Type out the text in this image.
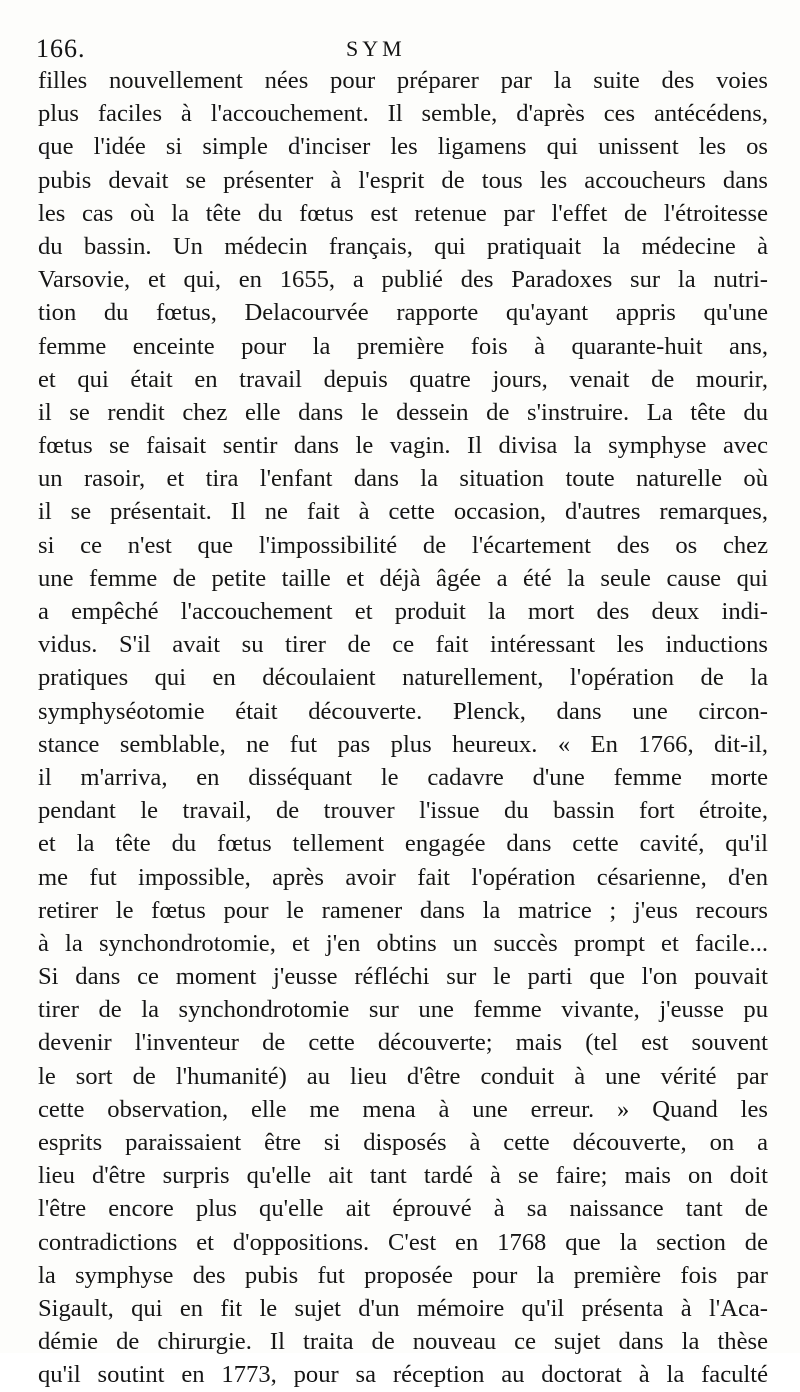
166.	SYM
filles nouvellement nées pour préparer par la suite des voies
plus faciles à l'accouchement. Il semble, d'après ces antécédens,
que l'idée si simple d'inciser les ligamens qui unissent les os
pubis devait se présenter à l'esprit de tous les accoucheurs dans
les cas où la tête du fœtus est retenue par l'effet de l'étroitesse
du bassin. Un médecin français, qui pratiquait la médecine à
Varsovie, et qui, en 1655, a publié des Paradoxes sur la nutri-
tion du fœtus, Delacourvée rapporte qu'ayant appris qu'une
femme enceinte pour la première fois à quarante-huit ans,
et qui était en travail depuis quatre jours, venait de mourir,
il se rendit chez elle dans le dessein de s'instruire. La tête du
fœtus se faisait sentir dans le vagin. Il divisa la symphyse avec
un rasoir, et tira l'enfant dans la situation toute naturelle où
il se présentait. Il ne fait à cette occasion, d'autres remarques,
si ce n'est que l'impossibilité de l'écartement des os chez
une femme de petite taille et déjà âgée a été la seule cause qui
a empêché l'accouchement et produit la mort des deux indi-
vidus. S'il avait su tirer de ce fait intéressant les inductions
pratiques qui en découlaient naturellement, l'opération de la
symphyséotomie était découverte. Plenck, dans une circon-
stance semblable, ne fut pas plus heureux. « En 1766, dit-il,
il m'arriva, en disséquant le cadavre d'une femme morte
pendant le travail, de trouver l'issue du bassin fort étroite,
et la tête du fœtus tellement engagée dans cette cavité, qu'il
me fut impossible, après avoir fait l'opération césarienne, d'en
retirer le fœtus pour le ramener dans la matrice ; j'eus recours
à la synchondrotomie, et j'en obtins un succès prompt et facile...
Si dans ce moment j'eusse réfléchi sur le parti que l'on pouvait
tirer de la synchondrotomie sur une femme vivante, j'eusse pu
devenir l'inventeur de cette découverte; mais (tel est souvent
le sort de l'humanité) au lieu d'être conduit à une vérité par
cette observation, elle me mena à une erreur. » Quand les
esprits paraissaient être si disposés à cette découverte, on a
lieu d'être surpris qu'elle ait tant tardé à se faire; mais on doit
l'être encore plus qu'elle ait éprouvé à sa naissance tant de
contradictions et d'oppositions. C'est en 1768 que la section de
la symphyse des pubis fut proposée pour la première fois par
Sigault, qui en fit le sujet d'un mémoire qu'il présenta à l'Aca-
démie de chirurgie. Il traita de nouveau ce sujet dans la thèse
qu'il soutint en 1773, pour sa réception au doctorat à la faculté
